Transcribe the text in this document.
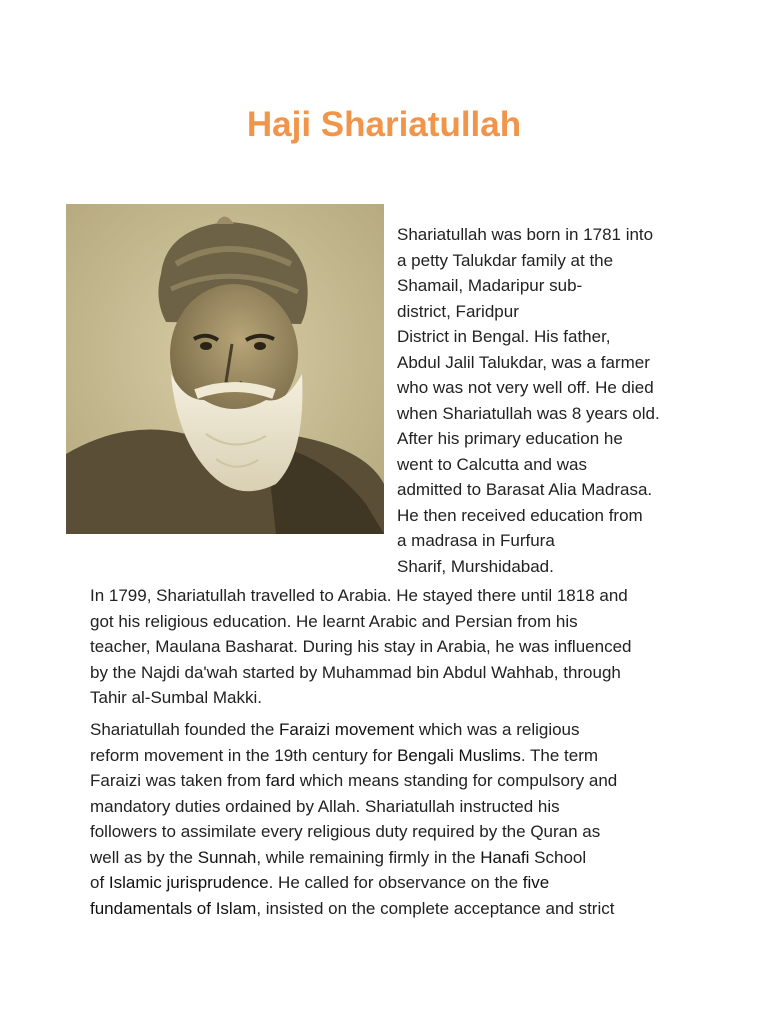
Haji Shariatullah
Shariatullah was born in 1781 into
a petty Talukdar family at the
Shamail, Madaripur sub-
district, Faridpur
District in Bengal. His father,
Abdul Jalil Talukdar, was a farmer
who was not very well off. He died
when Shariatullah was 8 years old.
After his primary education he
went to Calcutta and was
admitted to Barasat Alia Madrasa.
He then received education from
a madrasa in Furfura
Sharif, Murshidabad.
In 1799, Shariatullah travelled to Arabia. He stayed there until 1818 and
got his religious education. He learnt Arabic and Persian from his
teacher, Maulana Basharat. During his stay in Arabia, he was influenced
by the Najdi da'wah started by Muhammad bin Abdul Wahhab, through
Tahir al-Sumbal Makki.
Shariatullah founded the Faraizi movement which was a religious
reform movement in the 19th century for Bengali Muslims. The term
Faraizi was taken from fard which means standing for compulsory and
mandatory duties ordained by Allah. Shariatullah instructed his
followers to assimilate every religious duty required by the Quran as
well as by the Sunnah, while remaining firmly in the Hanafi School
of Islamic jurisprudence. He called for observance on the five
fundamentals of Islam, insisted on the complete acceptance and strict
